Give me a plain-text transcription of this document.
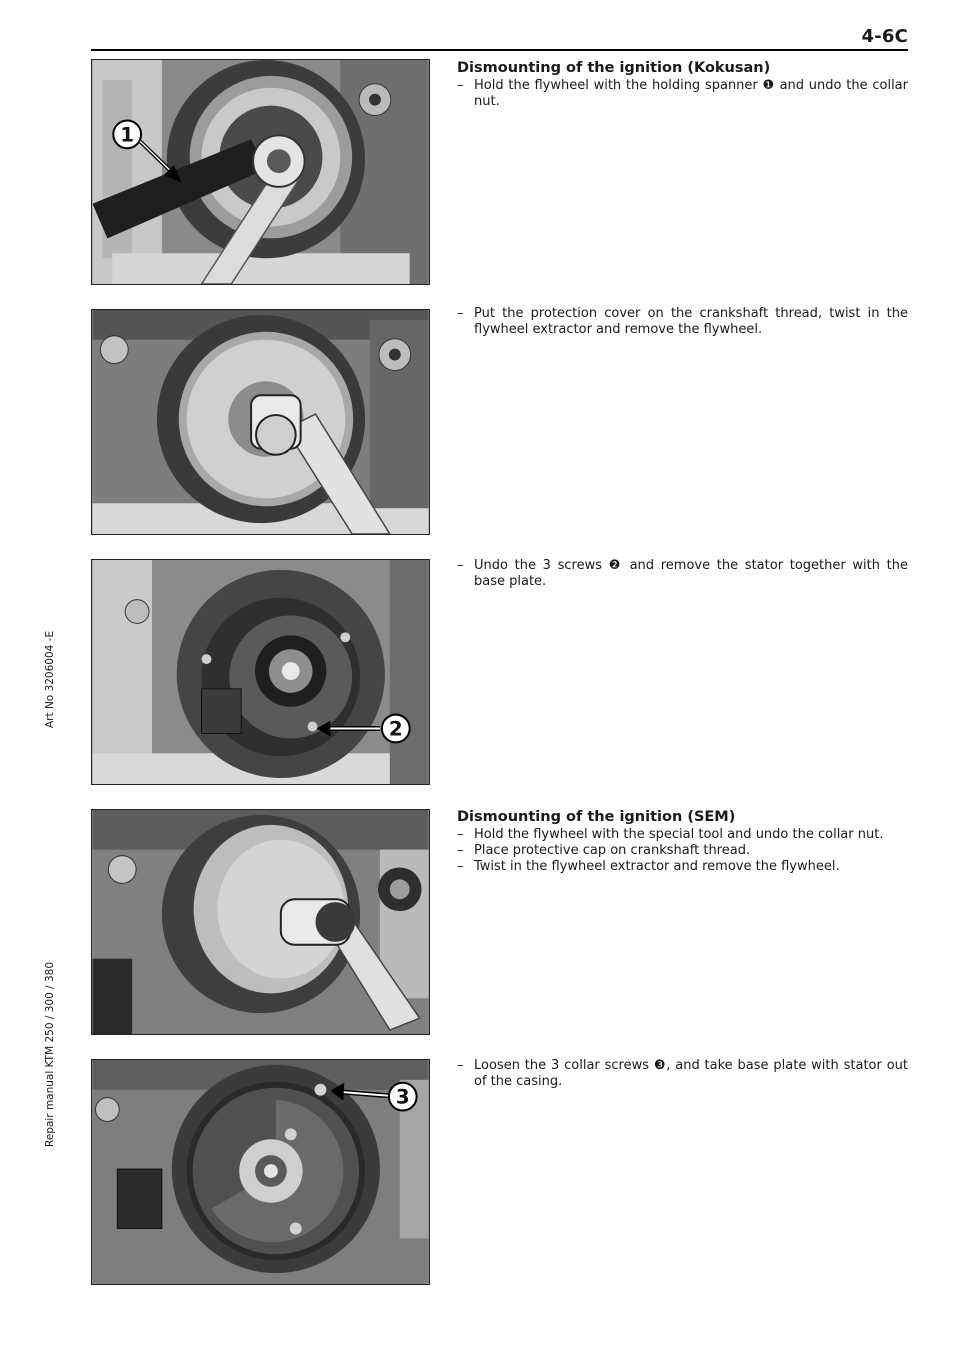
4-6C
Art No 3206004 -E
Repair manual KTM 250 / 300 / 380
1
2
3
Dismounting of the ignition (Kokusan)
– Hold the flywheel with the holding spanner ❶ and undo the collar nut.
– Put the protection cover on the crankshaft thread, twist in the flywheel extractor and remove the flywheel.
– Undo the 3 screws ❷ and remove the stator together with the base plate.
Dismounting of the ignition (SEM)
– Hold the flywheel with the special tool and undo the collar nut.
– Place protective cap on crankshaft thread.
– Twist in the flywheel extractor and remove the flywheel.
– Loosen the 3 collar screws ❸, and take base plate with stator out of the casing.
